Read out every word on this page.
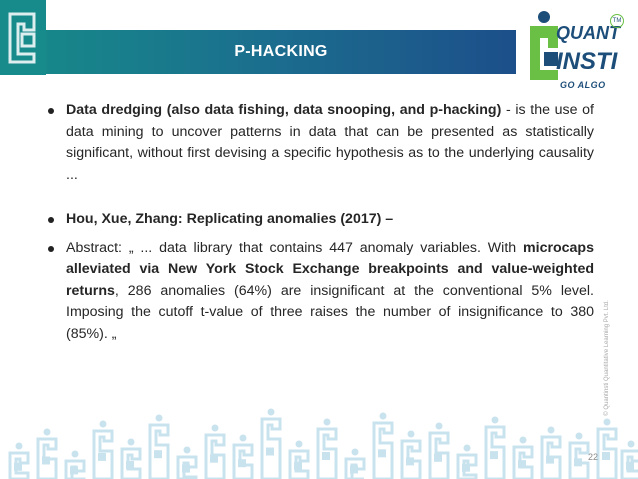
P-HACKING
QUANT
INSTI
GO ALGO
TM
Data dredging (also data fishing, data snooping, and p-hacking) - is the use of data mining to uncover patterns in data that can be presented as statistically significant, without first devising a specific hypothesis as to the underlying causality ...
Hou, Xue, Zhang: Replicating anomalies (2017) –
Abstract: „ ... data library that contains 447 anomaly variables. With microcaps alleviated via New York Stock Exchange breakpoints and value-weighted returns, 286 anomalies (64%) are insignificant at the conventional 5% level. Imposing the cutoff t-value of three raises the number of insignificance to 380 (85%). „	© Quantinsti Quantitative Learning Pvt. Ltd.
22
